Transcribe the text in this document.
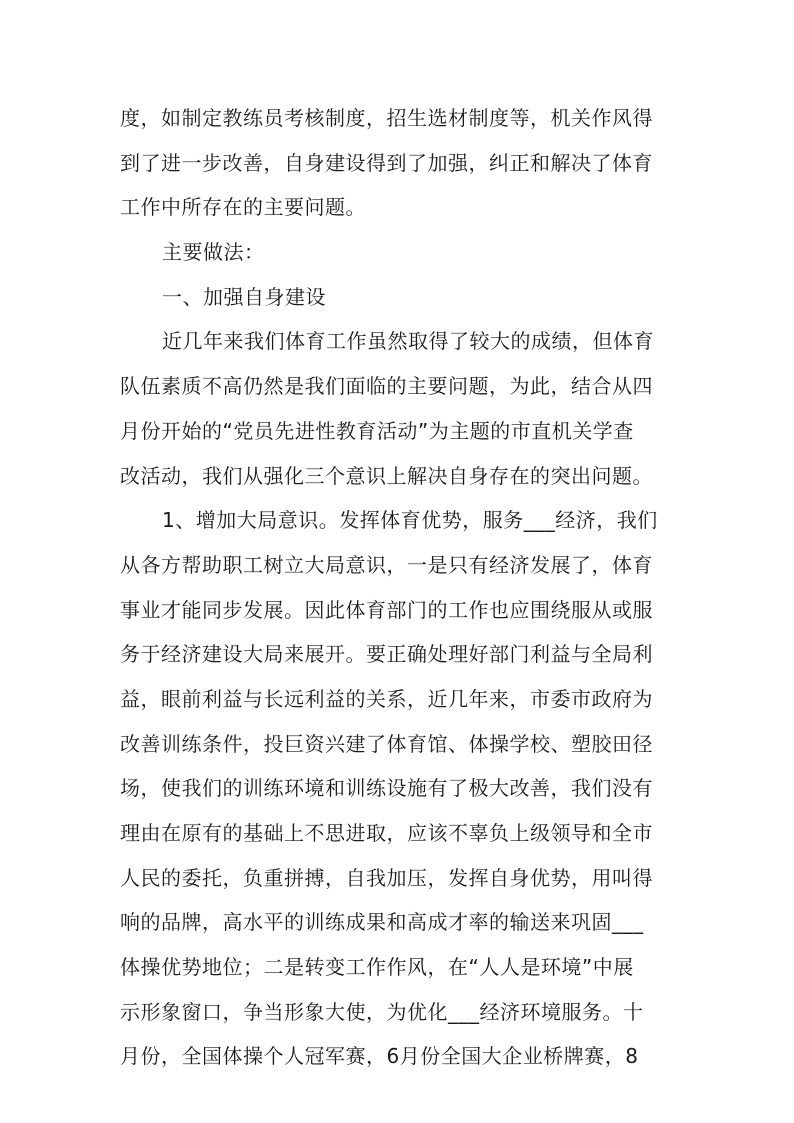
度，如制定教练员考核制度，招生选材制度等，机关作风得
到了进一步改善，自身建设得到了加强，纠正和解决了体育
工作中所存在的主要问题。
主要做法：
一、加强自身建设
近几年来我们体育工作虽然取得了较大的成绩，但体育
队伍素质不高仍然是我们面临的主要问题，为此，结合从四
月份开始的“党员先进性教育活动”为主题的市直机关学查
改活动，我们从强化三个意识上解决自身存在的突出问题。
1、增加大局意识。发挥体育优势，服务___经济，我们
从各方帮助职工树立大局意识，一是只有经济发展了，体育
事业才能同步发展。因此体育部门的工作也应围绕服从或服
务于经济建设大局来展开。要正确处理好部门利益与全局利
益，眼前利益与长远利益的关系，近几年来，市委市政府为
改善训练条件，投巨资兴建了体育馆、体操学校、塑胶田径
场，使我们的训练环境和训练设施有了极大改善，我们没有
理由在原有的基础上不思进取，应该不辜负上级领导和全市
人民的委托，负重拼搏，自我加压，发挥自身优势，用叫得
响的品牌，高水平的训练成果和高成才率的输送来巩固___
体操优势地位；二是转变工作作风，在“人人是环境”中展
示形象窗口，争当形象大使，为优化___经济环境服务。十
月份，全国体操个人冠军赛，6月份全国大企业桥牌赛，8
